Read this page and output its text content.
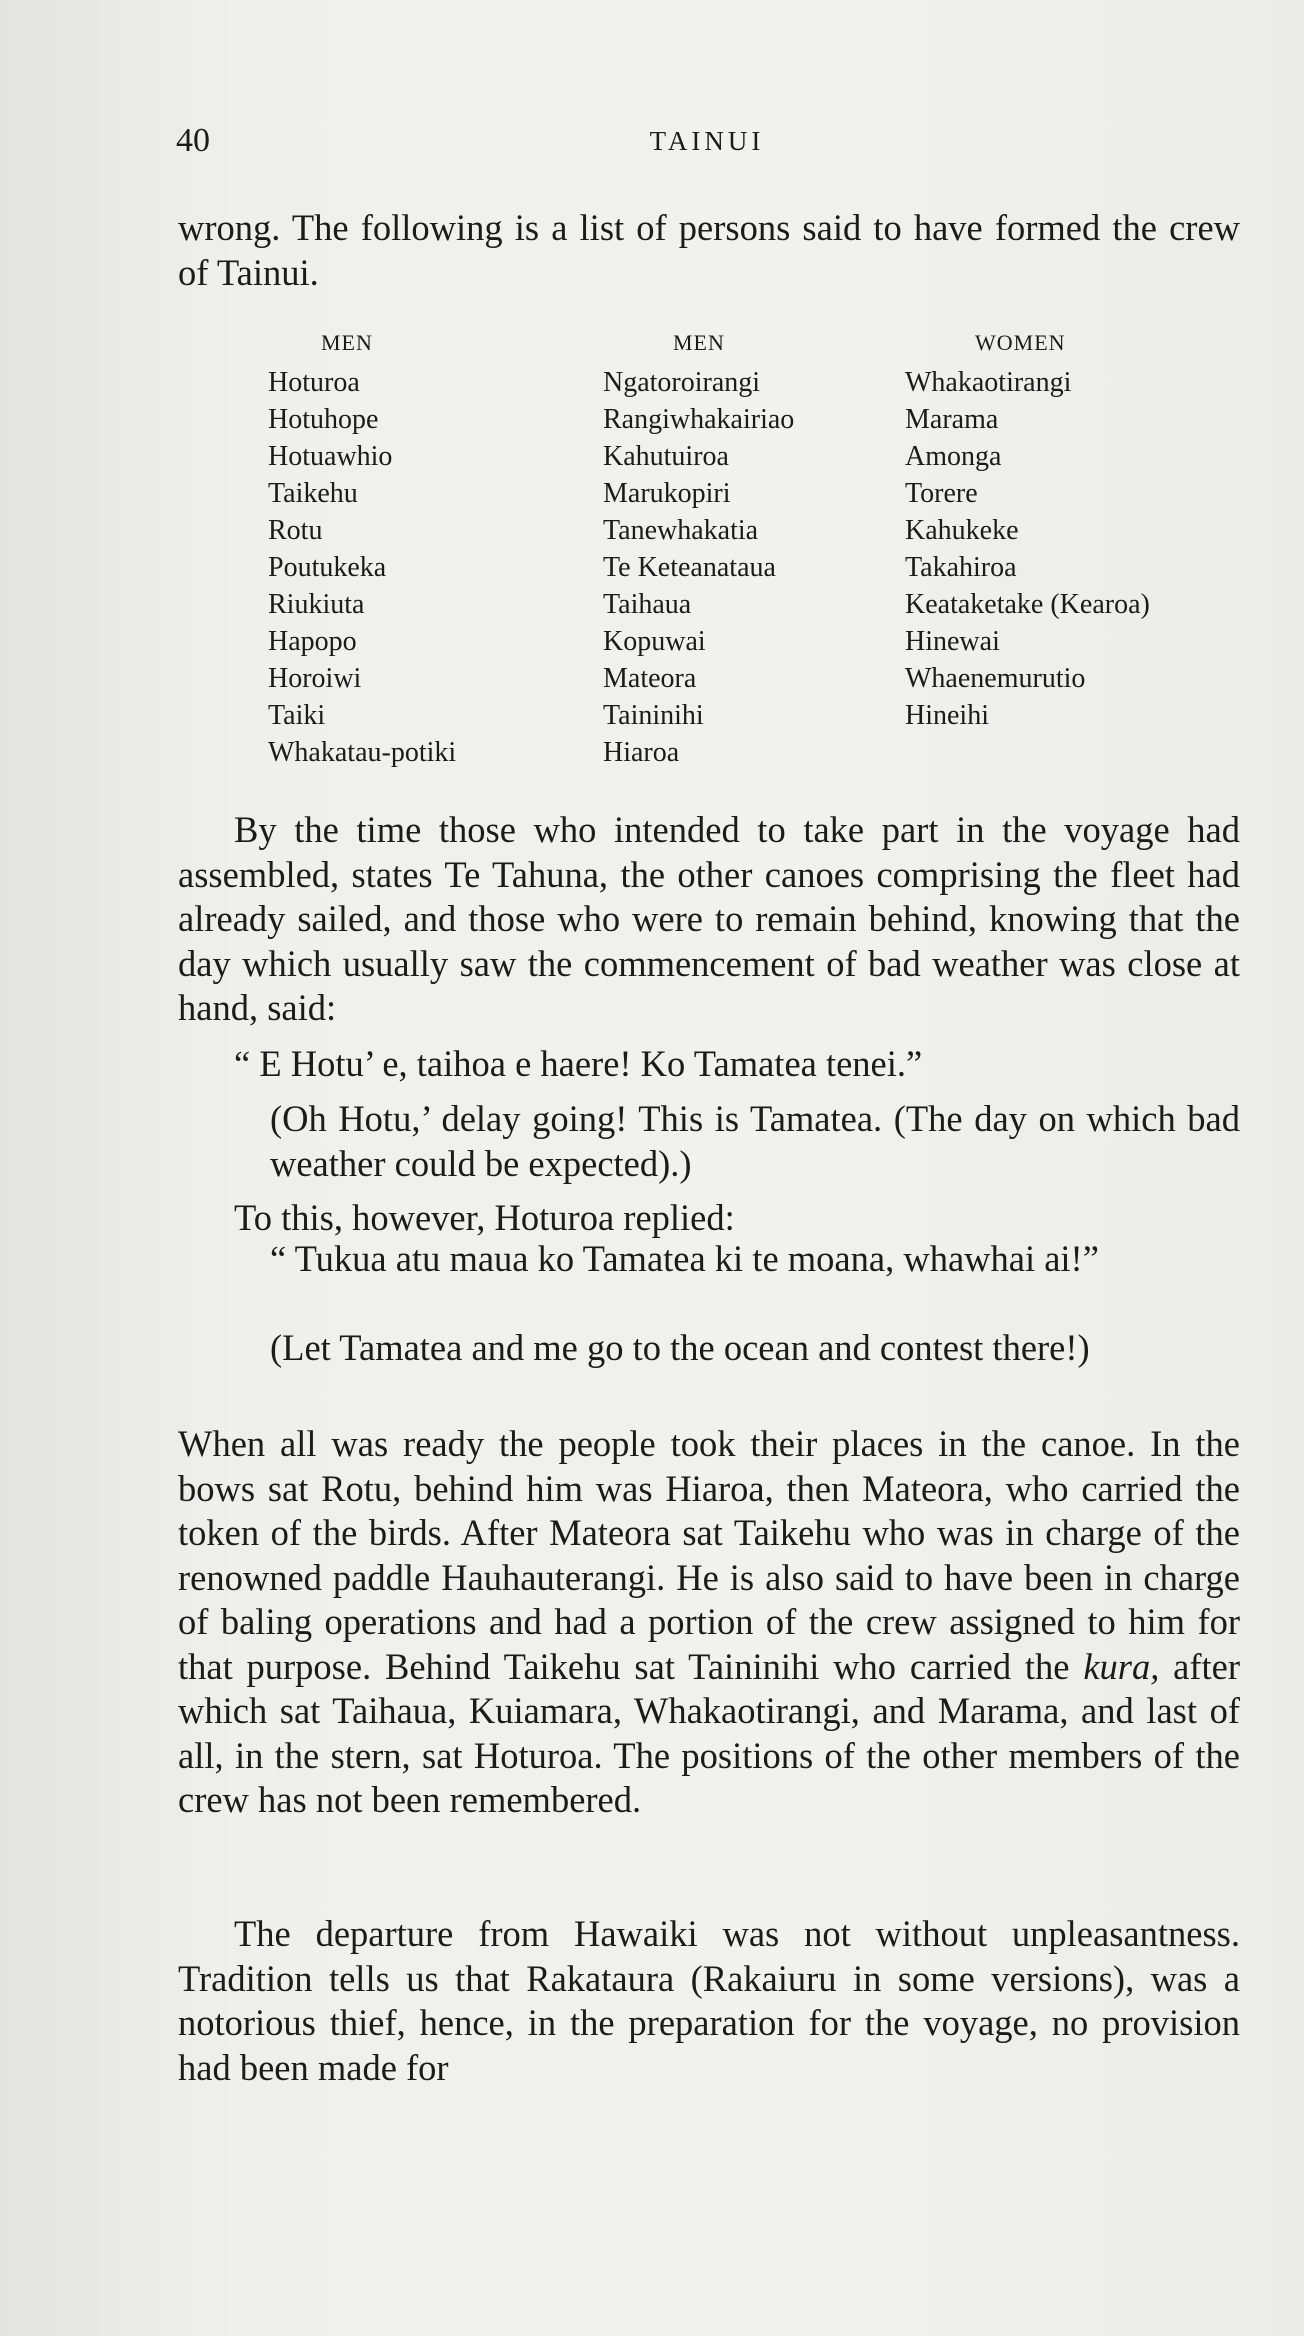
40	TAINUI

wrong. The following is a list of persons said to have formed the crew of Tainui.

MEN
Hoturoa
Hotuhope
Hotuawhio
Taikehu
Rotu
Poutukeka
Riukiuta
Hapopo
Horoiwi
Taiki
Whakatau-potiki
MEN
Ngatoroirangi
Rangiwhakairiao
Kahutuiroa
Marukopiri
Tanewhakatia
Te Keteanataua
Taihaua
Kopuwai
Mateora
Taininihi
Hiaroa
WOMEN
Whakaotirangi
Marama
Amonga
Torere
Kahukeke
Takahiroa
Keataketake (Kearoa)
Hinewai
Whaenemurutio
Hineihi

By the time those who intended to take part in the voyage had assembled, states Te Tahuna, the other canoes comprising the fleet had already sailed, and those who were to remain behind, knowing that the day which usually saw the commencement of bad weather was close at hand, said:

“ E Hotu’ e, taihoa e haere! Ko Tamatea tenei.”

(Oh Hotu,’ delay going! This is Tamatea. (The day on which bad weather could be expected).)

To this, however, Hoturoa replied:

“ Tukua atu maua ko Tamatea ki te moana, whawhai ai!”

(Let Tamatea and me go to the ocean and contest there!)

When all was ready the people took their places in the canoe. In the bows sat Rotu, behind him was Hiaroa, then Mateora, who carried the token of the birds. After Mateora sat Taikehu who was in charge of the renowned paddle Hauhauterangi. He is also said to have been in charge of baling operations and had a portion of the crew assigned to him for that purpose. Behind Taikehu sat Taininihi who carried the kura, after which sat Taihaua, Kuiamara, Whakaotirangi, and Marama, and last of all, in the stern, sat Hoturoa. The positions of the other members of the crew has not been remembered.

The departure from Hawaiki was not without unpleasantness. Tradition tells us that Rakataura (Rakaiuru in some versions), was a notorious thief, hence, in the preparation for the voyage, no provision had been made for
